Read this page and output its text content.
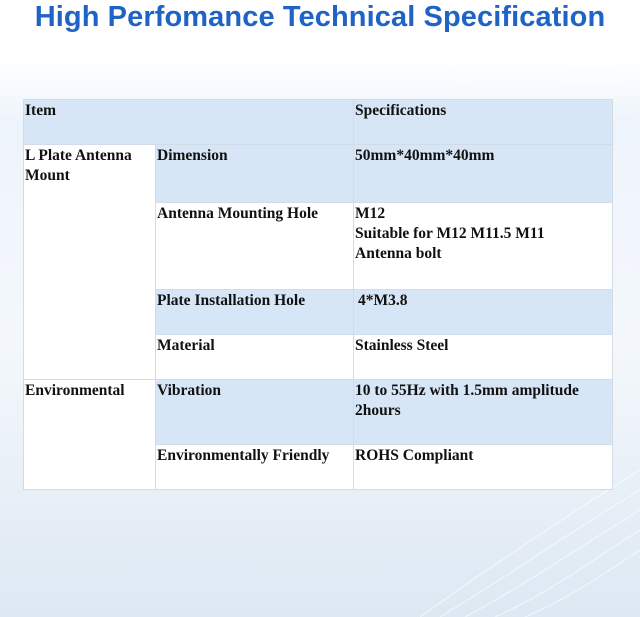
High Perfomance Technical Specification
Item		Specifications
L Plate Antenna Mount	Dimension	50mm*40mm*40mm
	Antenna Mounting Hole	M12
Suitable for M12 M11.5 M11
Antenna bolt

	Plate Installation Hole	4*M3.8
	Material	Stainless Steel
Environmental	Vibration	10 to 55Hz with 1.5mm amplitude
2hours

	Environmentally Friendly	ROHS Compliant
